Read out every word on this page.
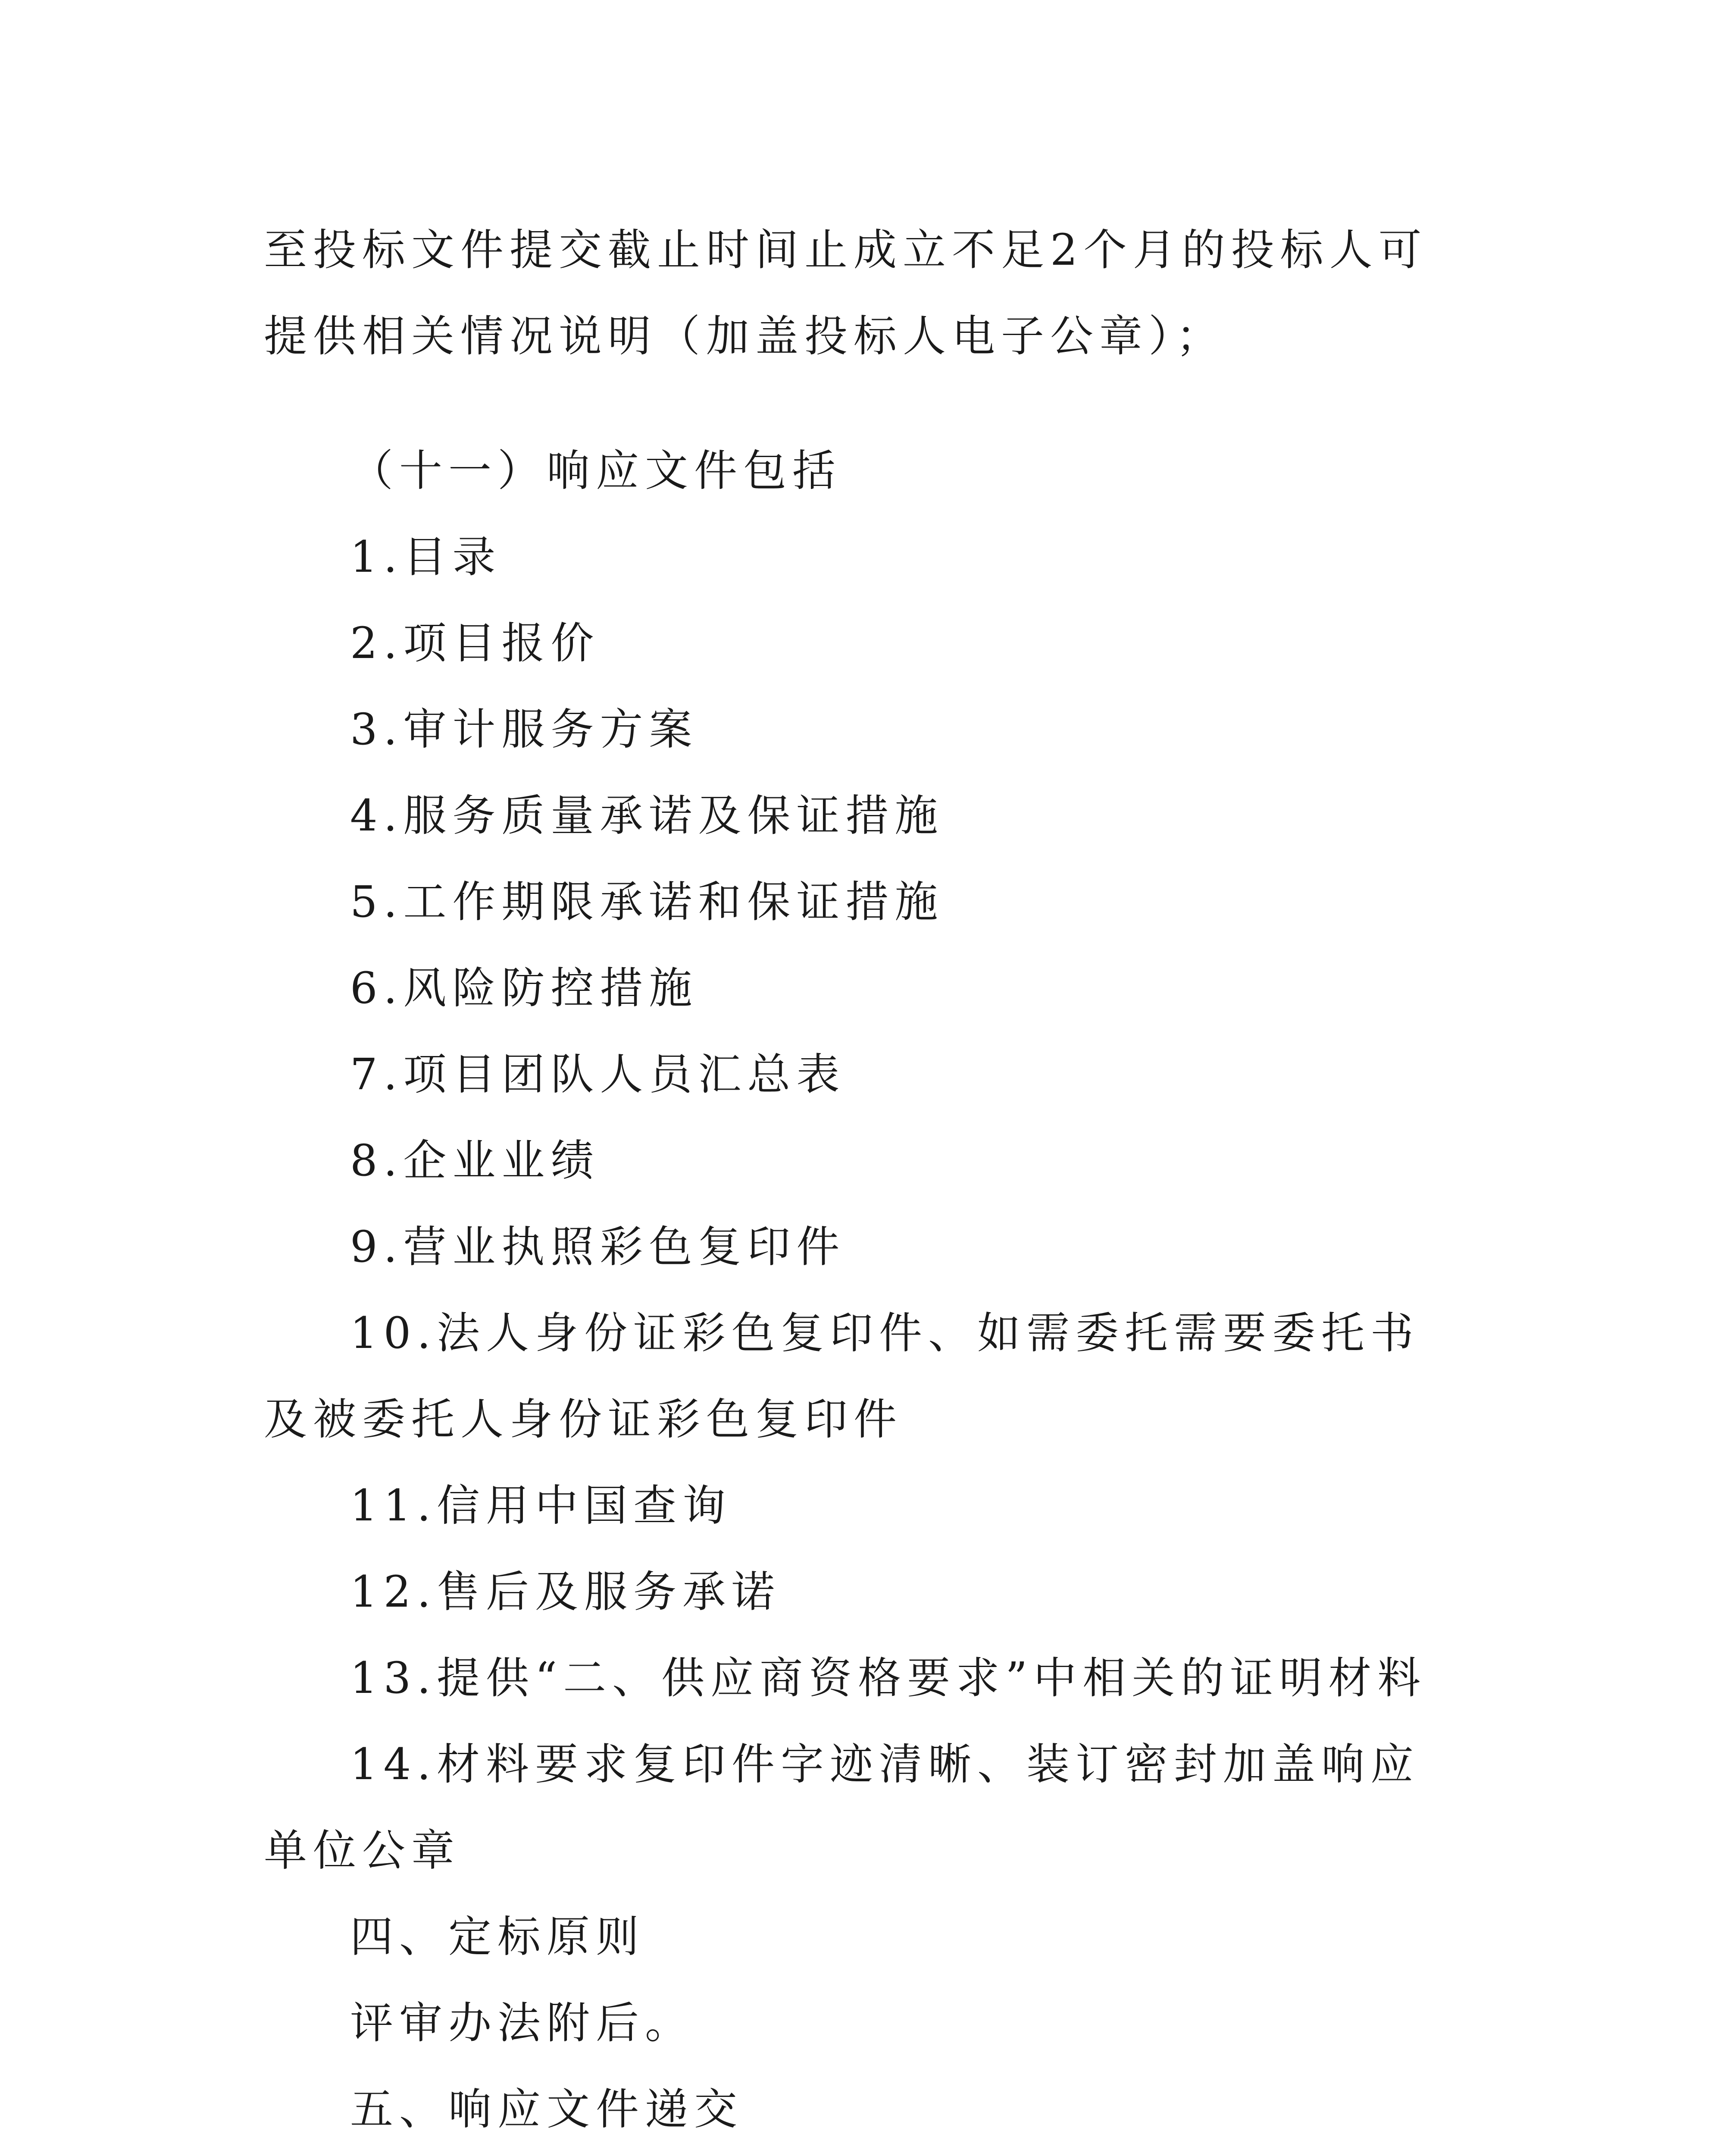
至投标文件提交截止时间止成立不足2个月的投标人可提供相关情况说明（加盖投标人电子公章）；

（十一）响应文件包括

1.目录

2.项目报价

3.审计服务方案

4.服务质量承诺及保证措施

5.工作期限承诺和保证措施

6.风险防控措施

7.项目团队人员汇总表

8.企业业绩

9.营业执照彩色复印件

10.法人身份证彩色复印件、如需委托需要委托书及被委托人身份证彩色复印件

11.信用中国查询

12.售后及服务承诺

13.提供“二、供应商资格要求”中相关的证明材料

14.材料要求复印件字迹清晰、装订密封加盖响应单位公章

四、定标原则

评审办法附后。

五、响应文件递交
